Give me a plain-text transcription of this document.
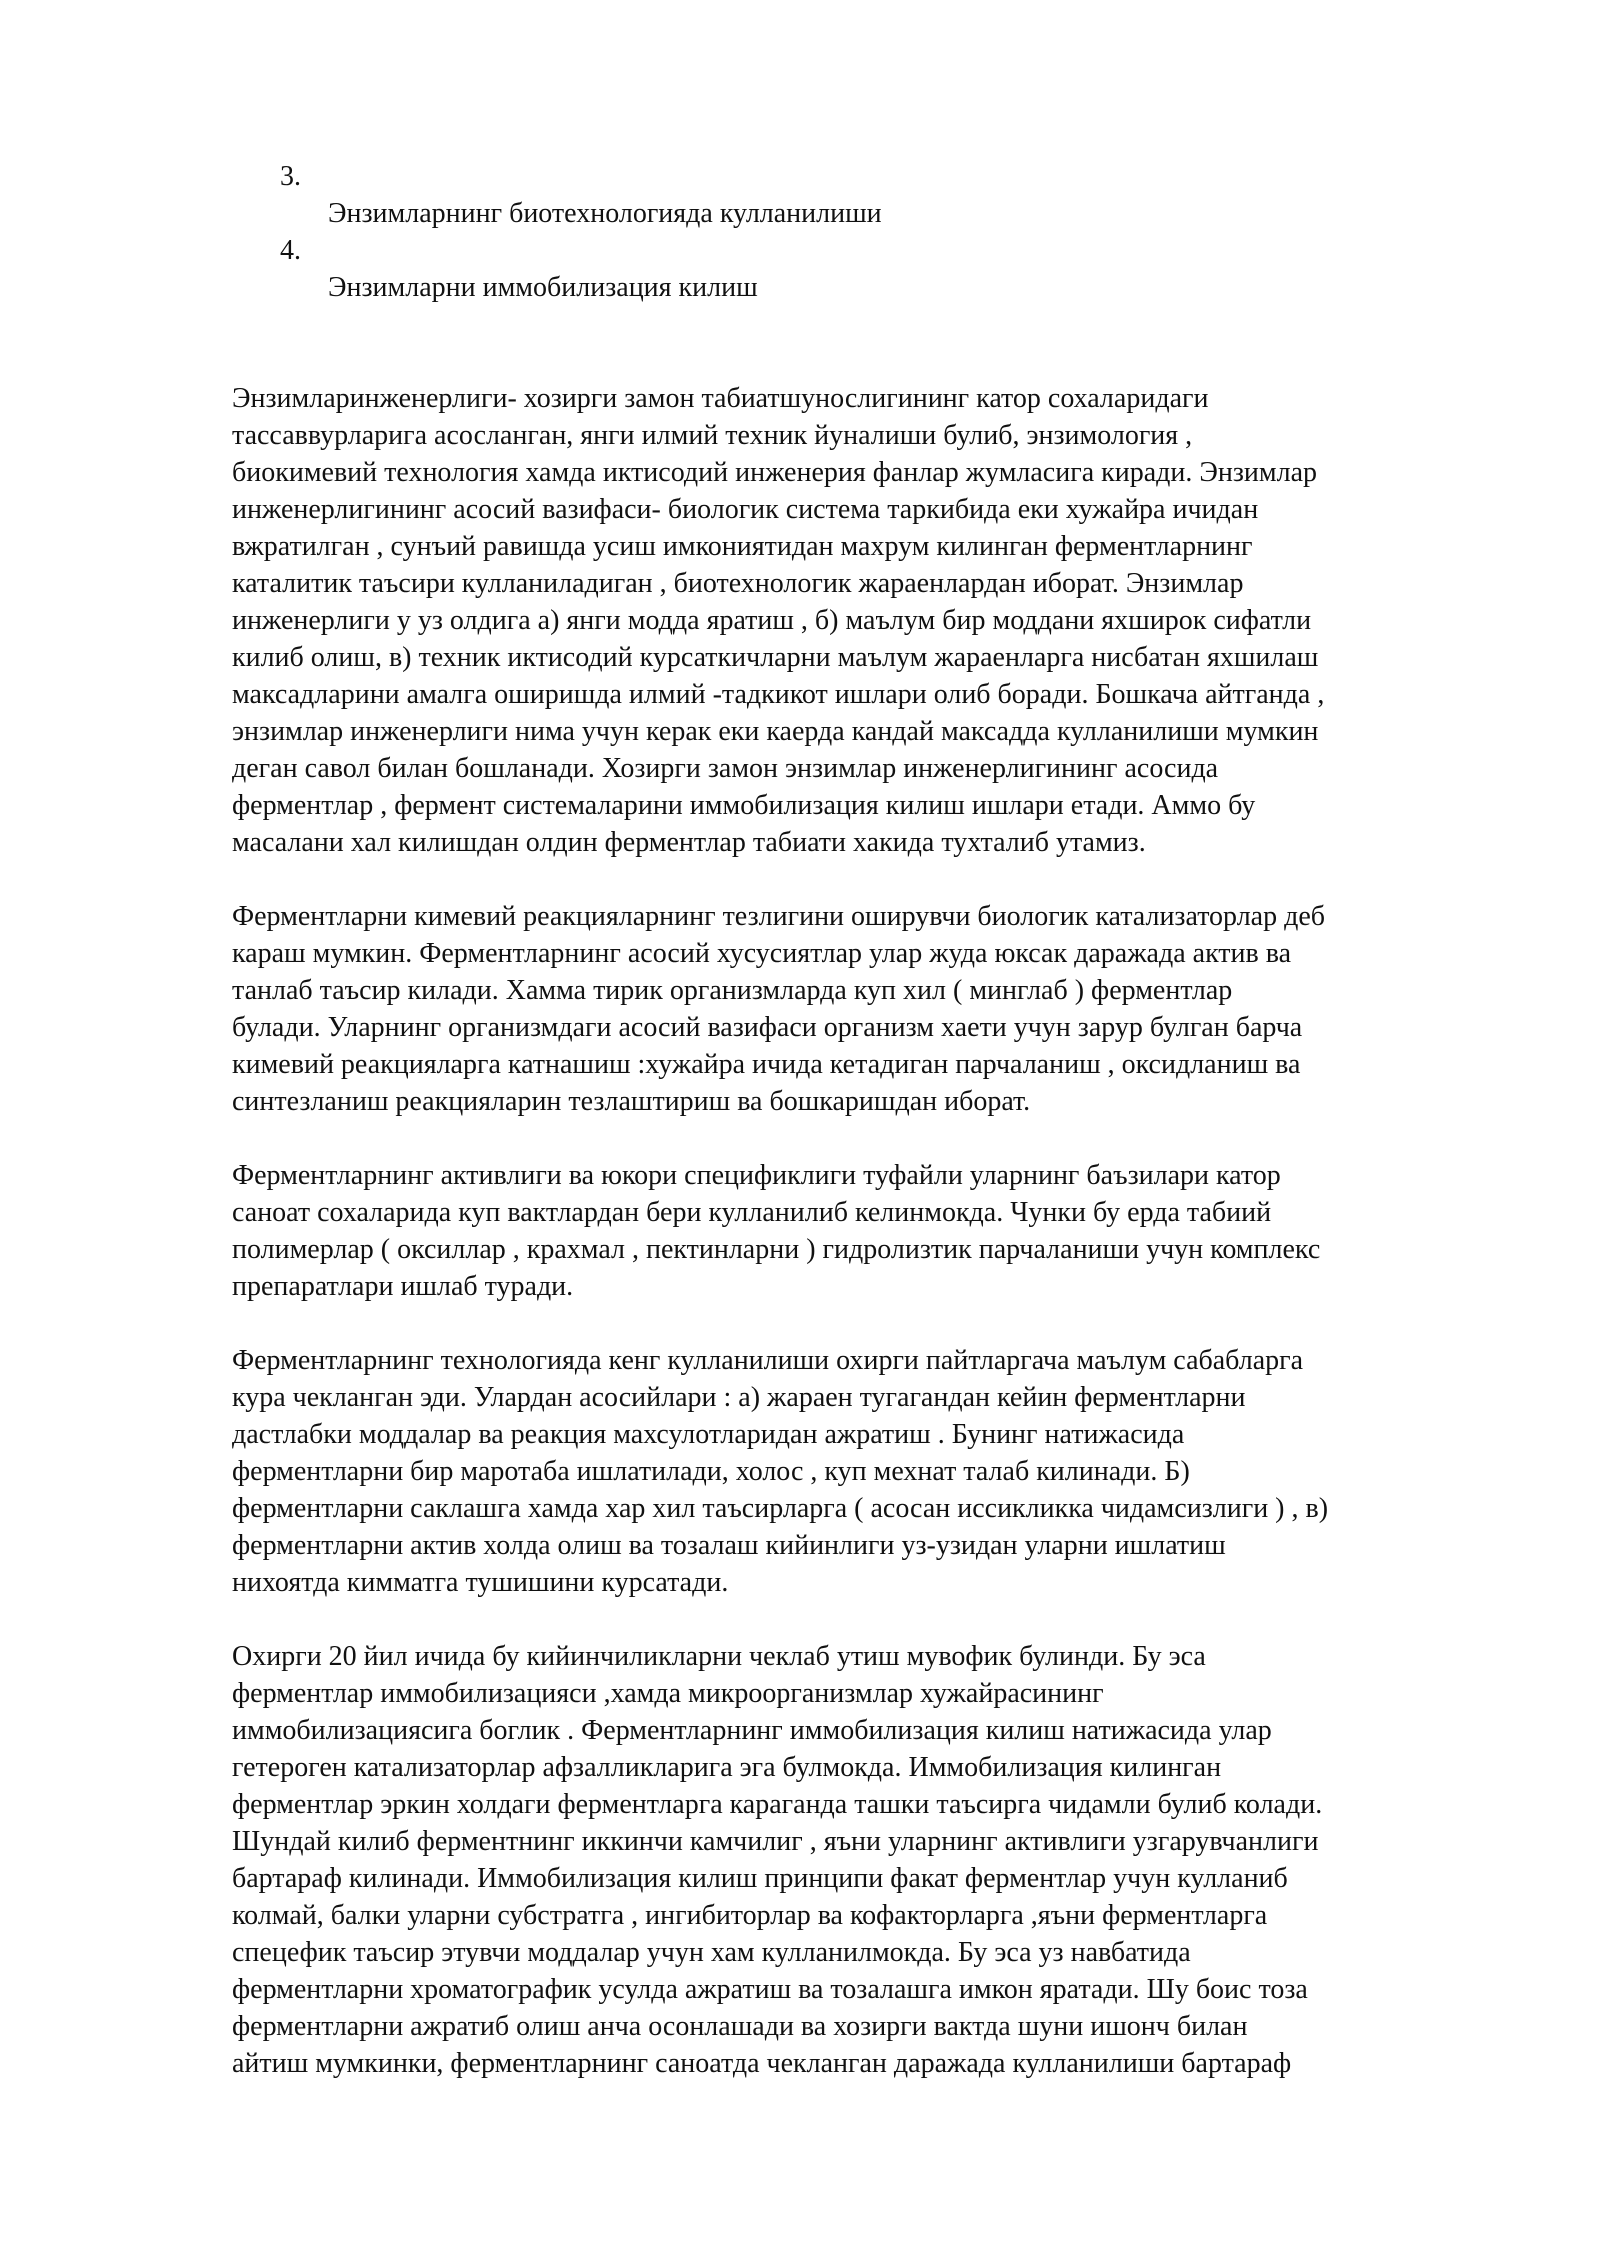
3.
Энзимларнинг биотехнологияда кулланилиши
4.
Энзимларни иммобилизация килиш
Энзимларинженерлиги- хозирги замон табиатшунослигининг катор сохаларидаги
тассаввурларига асосланган, янги илмий техник йуналиши булиб, энзимология ,
биокимевий технология хамда иктисодий инженерия фанлар жумласига киради. Энзимлар
инженерлигининг асосий вазифаси- биологик система таркибида еки хужайра ичидан
вжратилган , сунъий равишда усиш имкониятидан махрум килинган ферментларнинг
каталитик таъсири кулланиладиган , биотехнологик жараенлардан иборат. Энзимлар
инженерлиги у уз олдига а) янги модда яратиш , б) маълум бир моддани яхширок сифатли
килиб олиш, в) техник иктисодий курсаткичларни маълум жараенларга нисбатан яхшилаш
максадларини амалга оширишда илмий -тадкикот ишлари олиб боради. Бошкача айтганда ,
энзимлар инженерлиги нима учун керак еки каерда кандай максадда кулланилиши мумкин
деган савол билан бошланади. Хозирги замон энзимлар инженерлигининг асосида
ферментлар , фермент системаларини иммобилизация килиш ишлари етади. Аммо бу
масалани хал килишдан олдин ферментлар табиати хакида тухталиб утамиз.
Ферментларни кимевий реакцияларнинг тезлигини оширувчи биологик катализаторлар деб
караш мумкин. Ферментларнинг асосий хусусиятлар улар жуда юксак даражада актив ва
танлаб таъсир килади. Хамма тирик организмларда куп хил ( минглаб ) ферментлар
булади. Уларнинг организмдаги асосий вазифаси организм хаети учун зарур булган барча
кимевий реакцияларга катнашиш :хужайра ичида кетадиган парчаланиш , оксидланиш ва
синтезланиш реакцияларин тезлаштириш ва бошкаришдан иборат.
Ферментларнинг активлиги ва юкори спецификлиги туфайли уларнинг баъзилари катор
саноат сохаларида куп вактлардан бери кулланилиб келинмокда. Чунки бу ерда табиий
полимерлар ( оксиллар , крахмал , пектинларни ) гидролизтик парчаланиши учун комплекс
препаратлари ишлаб туради.
Ферментларнинг технологияда кенг кулланилиши охирги пайтларгача маълум сабабларга
кура чекланган эди. Улардан асосийлари : а) жараен тугагандан кейин ферментларни
дастлабки моддалар ва реакция махсулотларидан ажратиш . Бунинг натижасида
ферментларни бир маротаба ишлатилади, холос , куп мехнат талаб килинади. Б)
ферментларни саклашга хамда хар хил таъсирларга ( асосан иссикликка чидамсизлиги ) , в)
ферментларни актив холда олиш ва тозалаш кийинлиги уз-узидан уларни ишлатиш
нихоятда кимматга тушишини курсатади.
Охирги 20 йил ичида бу кийинчиликларни чеклаб утиш мувофик булинди. Бу эса
ферментлар иммобилизацияси ,хамда микроорганизмлар хужайрасининг
иммобилизациясига боглик . Ферментларнинг иммобилизация килиш натижасида улар
гетероген катализаторлар афзалликларига эга булмокда. Иммобилизация килинган
ферментлар эркин холдаги ферментларга караганда ташки таъсирга чидамли булиб колади.
Шундай килиб ферментнинг иккинчи камчилиг , яъни уларнинг активлиги узгарувчанлиги
бартараф килинади. Иммобилизация килиш принципи факат ферментлар учун кулланиб
колмай, балки уларни субстратга , ингибиторлар ва кофакторларга ,яъни ферментларга
спецефик таъсир этувчи моддалар учун хам кулланилмокда. Бу эса уз навбатида
ферментларни хроматографик усулда ажратиш ва тозалашга имкон яратади. Шу боис тоза
ферментларни ажратиб олиш анча осонлашади ва хозирги вактда шуни ишонч билан
айтиш мумкинки, ферментларнинг саноатда чекланган даражада кулланилиши бартараф
